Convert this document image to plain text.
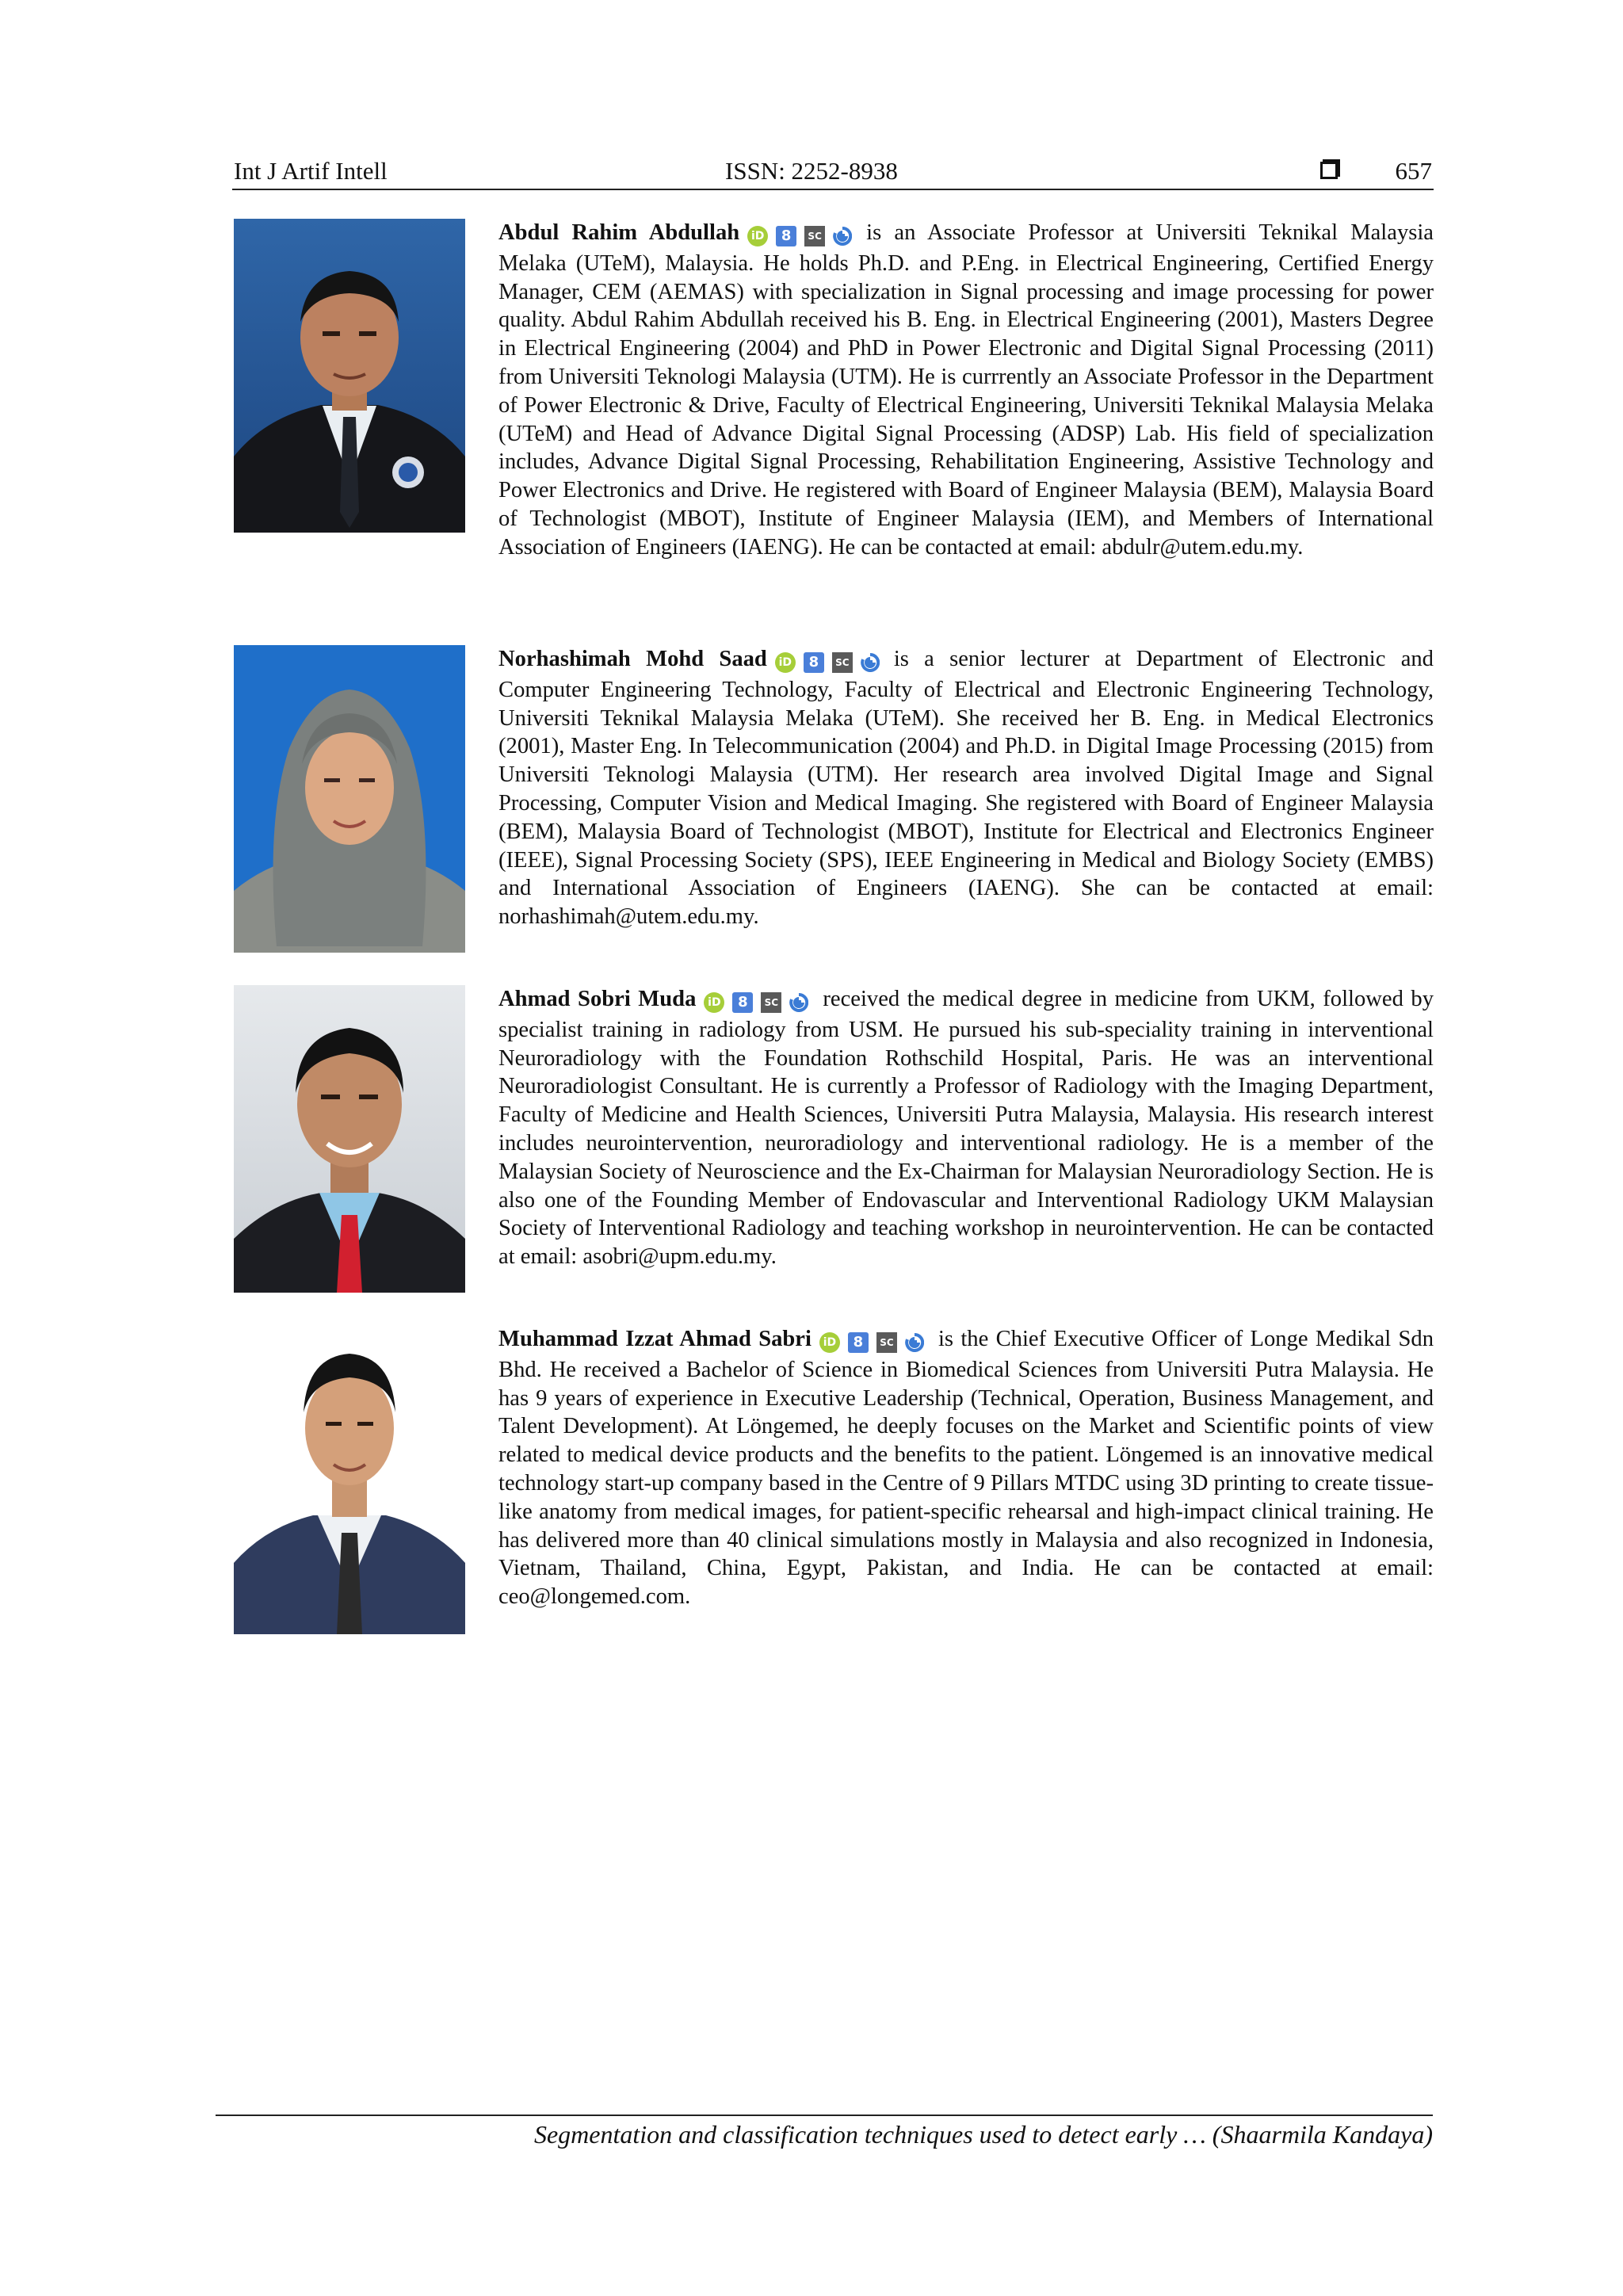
Int J Artif Intell	ISSN: 2252-8938	657

Abdul Rahim Abdullah iD 8 SC is an Associate Professor at Universiti Teknikal Malaysia Melaka (UTeM), Malaysia. He holds Ph.D. and P.Eng. in Electrical Engineering, Certified Energy Manager, CEM (AEMAS) with specialization in Signal processing and image processing for power quality. Abdul Rahim Abdullah received his B. Eng. in Electrical Engineering (2001), Masters Degree in Electrical Engineering (2004) and PhD in Power Electronic and Digital Signal Processing (2011) from Universiti Teknologi Malaysia (UTM). He is currrently an Associate Professor in the Department of Power Electronic & Drive, Faculty of Electrical Engineering, Universiti Teknikal Malaysia Melaka (UTeM) and Head of Advance Digital Signal Processing (ADSP) Lab. His field of specialization includes, Advance Digital Signal Processing, Rehabilitation Engineering, Assistive Technology and Power Electronics and Drive. He registered with Board of Engineer Malaysia (BEM), Malaysia Board of Technologist (MBOT), Institute of Engineer Malaysia (IEM), and Members of International Association of Engineers (IAENG). He can be contacted at email: abdulr@utem.edu.my.

Norhashimah Mohd Saad iD 8 SC is a senior lecturer at Department of Electronic and Computer Engineering Technology, Faculty of Electrical and Electronic Engineering Technology, Universiti Teknikal Malaysia Melaka (UTeM). She received her B. Eng. in Medical Electronics (2001), Master Eng. In Telecommunication (2004) and Ph.D. in Digital Image Processing (2015) from Universiti Teknologi Malaysia (UTM). Her research area involved Digital Image and Signal Processing, Computer Vision and Medical Imaging. She registered with Board of Engineer Malaysia (BEM), Malaysia Board of Technologist (MBOT), Institute for Electrical and Electronics Engineer (IEEE), Signal Processing Society (SPS), IEEE Engineering in Medical and Biology Society (EMBS) and International Association of Engineers (IAENG). She can be contacted at email: norhashimah@utem.edu.my.

Ahmad Sobri Muda iD 8 SC received the medical degree in medicine from UKM, followed by specialist training in radiology from USM. He pursued his sub-speciality training in interventional Neuroradiology with the Foundation Rothschild Hospital, Paris. He was an interventional Neuroradiologist Consultant. He is currently a Professor of Radiology with the Imaging Department, Faculty of Medicine and Health Sciences, Universiti Putra Malaysia, Malaysia. His research interest includes neurointervention, neuroradiology and interventional radiology. He is a member of the Malaysian Society of Neuroscience and the Ex-Chairman for Malaysian Neuroradiology Section. He is also one of the Founding Member of Endovascular and Interventional Radiology UKM Malaysian Society of Interventional Radiology and teaching workshop in neurointervention. He can be contacted at email: asobri@upm.edu.my.

Muhammad Izzat Ahmad Sabri iD 8 SC is the Chief Executive Officer of Longe Medikal Sdn Bhd. He received a Bachelor of Science in Biomedical Sciences from Universiti Putra Malaysia. He has 9 years of experience in Executive Leadership (Technical, Operation, Business Management, and Talent Development). At Löngemed, he deeply focuses on the Market and Scientific points of view related to medical device products and the benefits to the patient. Löngemed is an innovative medical technology start-up company based in the Centre of 9 Pillars MTDC using 3D printing to create tissue-like anatomy from medical images, for patient-specific rehearsal and high-impact clinical training. He has delivered more than 40 clinical simulations mostly in Malaysia and also recognized in Indonesia, Vietnam, Thailand, China, Egypt, Pakistan, and India. He can be contacted at email: ceo@longemed.com.

Segmentation and classification techniques used to detect early … (Shaarmila Kandaya)
